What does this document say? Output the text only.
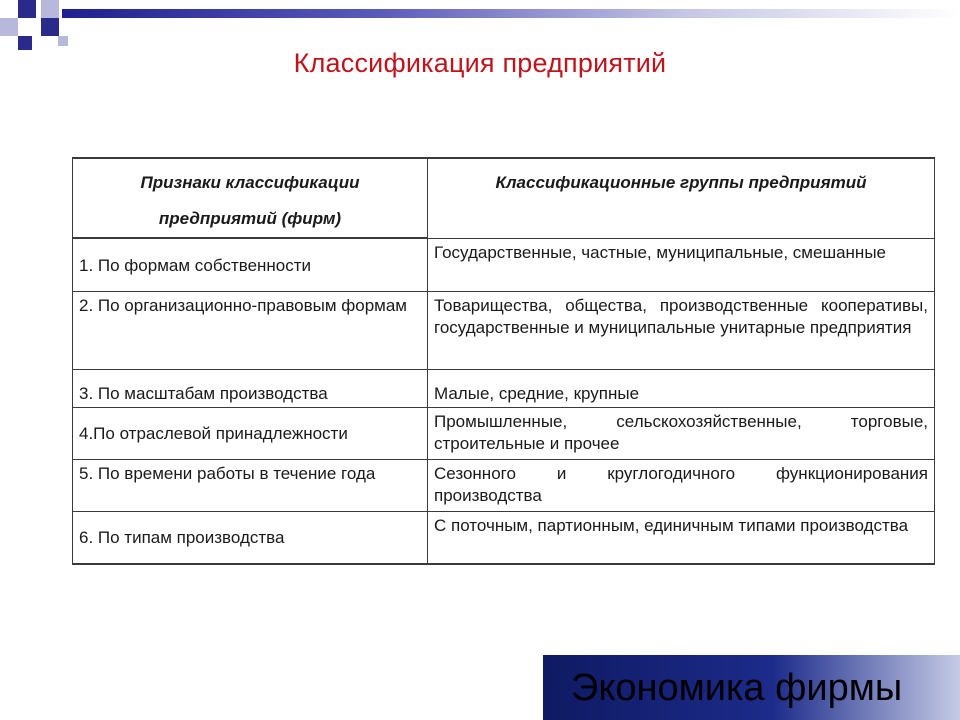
Классификация предприятий
Признаки классификации предприятий (фирм)	Классификационные группы предприятий
1. По формам собственности	Государственные, частные, муниципальные, смешанные
2. По организационно-правовым формам	Товарищества, общества, производственные кооперативы, государственные и муниципальные унитарные предприятия
3. По масштабам производства	Малые, средние, крупные
4.По отраслевой принадлежности	Промышленные, сельскохозяйственные, торговые, строительные и прочее
5. По времени работы в течение года	Сезонного и круглогодичного функционирования производства
6. По типам производства	С поточным, партионным, единичным типами производства
Экономика фирмы
